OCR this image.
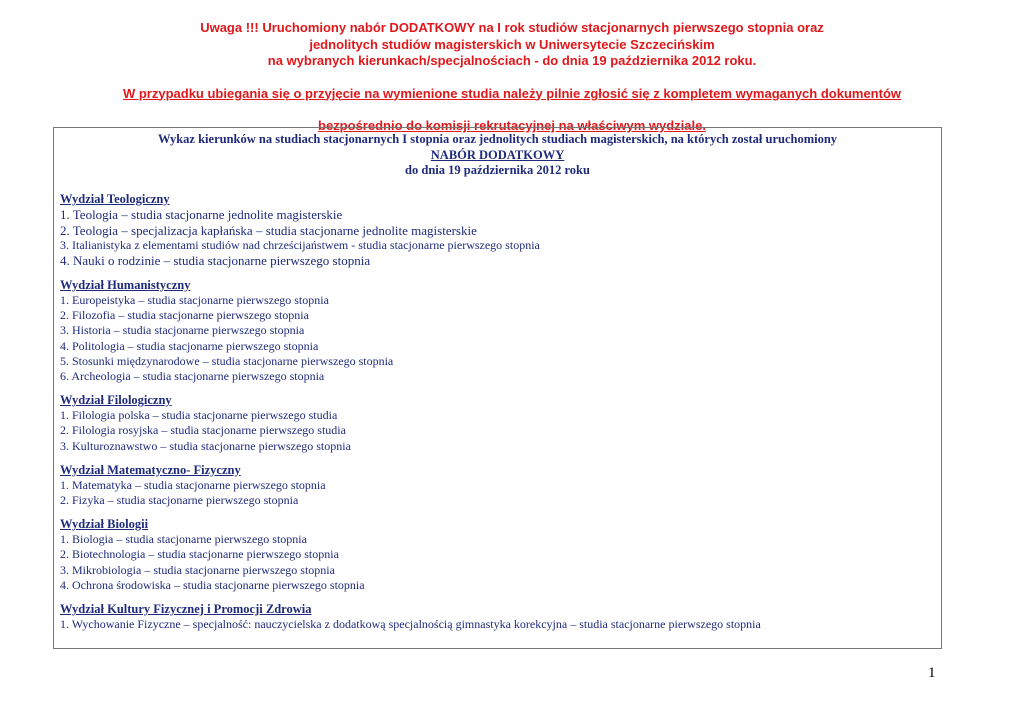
Uwaga !!! Uruchomiony nabór DODATKOWY na I rok studiów stacjonarnych pierwszego stopnia oraz

jednolitych studiów magisterskich w Uniwersytecie Szczecińskim

na wybranych kierunkach/specjalnościach - do dnia 19 października 2012 roku.

W przypadku ubiegania się o przyjęcie na wymienione studia należy pilnie zgłosić się z kompletem wymaganych dokumentów

bezpośrednio do komisji rekrutacyjnej na właściwym wydziale.

Wykaz kierunków na studiach stacjonarnych I stopnia oraz jednolitych studiach magisterskich, na których został uruchomiony

NABÓR DODATKOWY

do dnia 19 października 2012 roku

Wydział Teologiczny
1. Teologia – studia stacjonarne jednolite magisterskie
2. Teologia – specjalizacja kapłańska – studia stacjonarne jednolite magisterskie
3. Italianistyka z elementami studiów nad chrześcijaństwem - studia stacjonarne pierwszego stopnia
4. Nauki o rodzinie – studia stacjonarne pierwszego stopnia
Wydział Humanistyczny
1. Europeistyka – studia stacjonarne pierwszego stopnia
2. Filozofia – studia stacjonarne pierwszego stopnia
3. Historia – studia stacjonarne pierwszego stopnia
4. Politologia – studia stacjonarne pierwszego stopnia
5. Stosunki międzynarodowe – studia stacjonarne pierwszego stopnia
6. Archeologia – studia stacjonarne pierwszego stopnia
Wydział Filologiczny
1. Filologia polska – studia stacjonarne pierwszego studia
2. Filologia rosyjska – studia stacjonarne pierwszego studia
3. Kulturoznawstwo – studia stacjonarne pierwszego stopnia
Wydział Matematyczno- Fizyczny
1. Matematyka – studia stacjonarne pierwszego stopnia
2. Fizyka – studia stacjonarne pierwszego stopnia
Wydział Biologii
1. Biologia – studia stacjonarne pierwszego stopnia
2. Biotechnologia – studia stacjonarne pierwszego stopnia
3. Mikrobiologia – studia stacjonarne pierwszego stopnia
4. Ochrona środowiska – studia stacjonarne pierwszego stopnia
Wydział Kultury Fizycznej i Promocji Zdrowia
1. Wychowanie Fizyczne – specjalność: nauczycielska z dodatkową specjalnością gimnastyka korekcyjna – studia stacjonarne pierwszego stopnia
1
